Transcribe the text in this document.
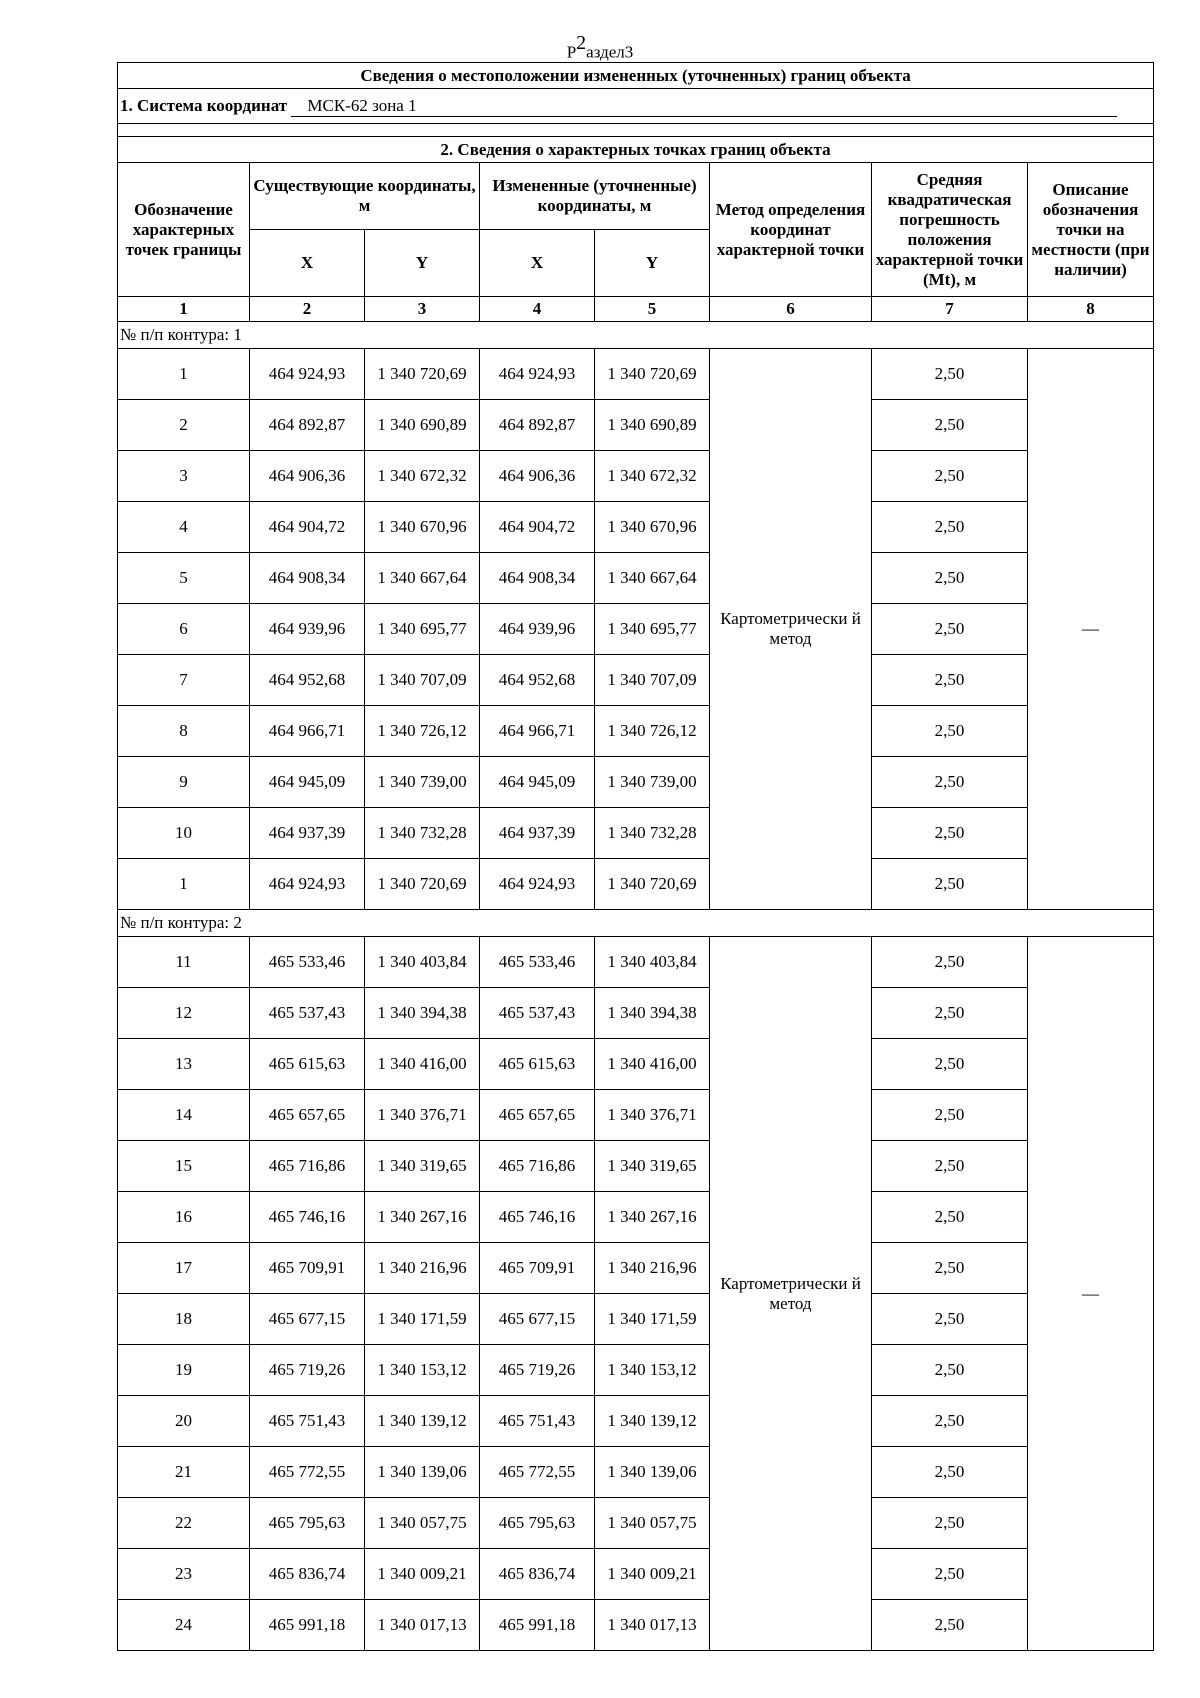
$Р^2аздел3$
Сведения о местоположении измененных (уточненных) границ объекта							
1. Система координат МСК-62 зона 1							

2. Сведения о характерных точках границ объекта							
Обозначение характерных точек границы	Существующие координаты, м		Измененные (уточненные) координаты, м		Метод определения координат характерной точки	Средняя квадратическая погрешность положения характерной точки (Mt), м	Описание обозначения точки на местности (при наличии)
	X	Y	X	Y			
1	2	3	4	5	6	7	8
№ п/п контура: 1							
1	464 924,93	1 340 720,69	464 924,93	1 340 720,69	Картометрически й метод	2,50	—
2	464 892,87	1 340 690,89	464 892,87	1 340 690,89		2,50	
3	464 906,36	1 340 672,32	464 906,36	1 340 672,32		2,50	
4	464 904,72	1 340 670,96	464 904,72	1 340 670,96		2,50	
5	464 908,34	1 340 667,64	464 908,34	1 340 667,64		2,50	
6	464 939,96	1 340 695,77	464 939,96	1 340 695,77		2,50	
7	464 952,68	1 340 707,09	464 952,68	1 340 707,09		2,50	
8	464 966,71	1 340 726,12	464 966,71	1 340 726,12		2,50	
9	464 945,09	1 340 739,00	464 945,09	1 340 739,00		2,50	
10	464 937,39	1 340 732,28	464 937,39	1 340 732,28		2,50	
1	464 924,93	1 340 720,69	464 924,93	1 340 720,69		2,50	
№ п/п контура: 2							
11	465 533,46	1 340 403,84	465 533,46	1 340 403,84	Картометрически й метод	2,50	—
12	465 537,43	1 340 394,38	465 537,43	1 340 394,38		2,50	
13	465 615,63	1 340 416,00	465 615,63	1 340 416,00		2,50	
14	465 657,65	1 340 376,71	465 657,65	1 340 376,71		2,50	
15	465 716,86	1 340 319,65	465 716,86	1 340 319,65		2,50	
16	465 746,16	1 340 267,16	465 746,16	1 340 267,16		2,50	
17	465 709,91	1 340 216,96	465 709,91	1 340 216,96		2,50	
18	465 677,15	1 340 171,59	465 677,15	1 340 171,59		2,50	
19	465 719,26	1 340 153,12	465 719,26	1 340 153,12		2,50	
20	465 751,43	1 340 139,12	465 751,43	1 340 139,12		2,50	
21	465 772,55	1 340 139,06	465 772,55	1 340 139,06		2,50	
22	465 795,63	1 340 057,75	465 795,63	1 340 057,75		2,50	
23	465 836,74	1 340 009,21	465 836,74	1 340 009,21		2,50	
24	465 991,18	1 340 017,13	465 991,18	1 340 017,13		2,50	
